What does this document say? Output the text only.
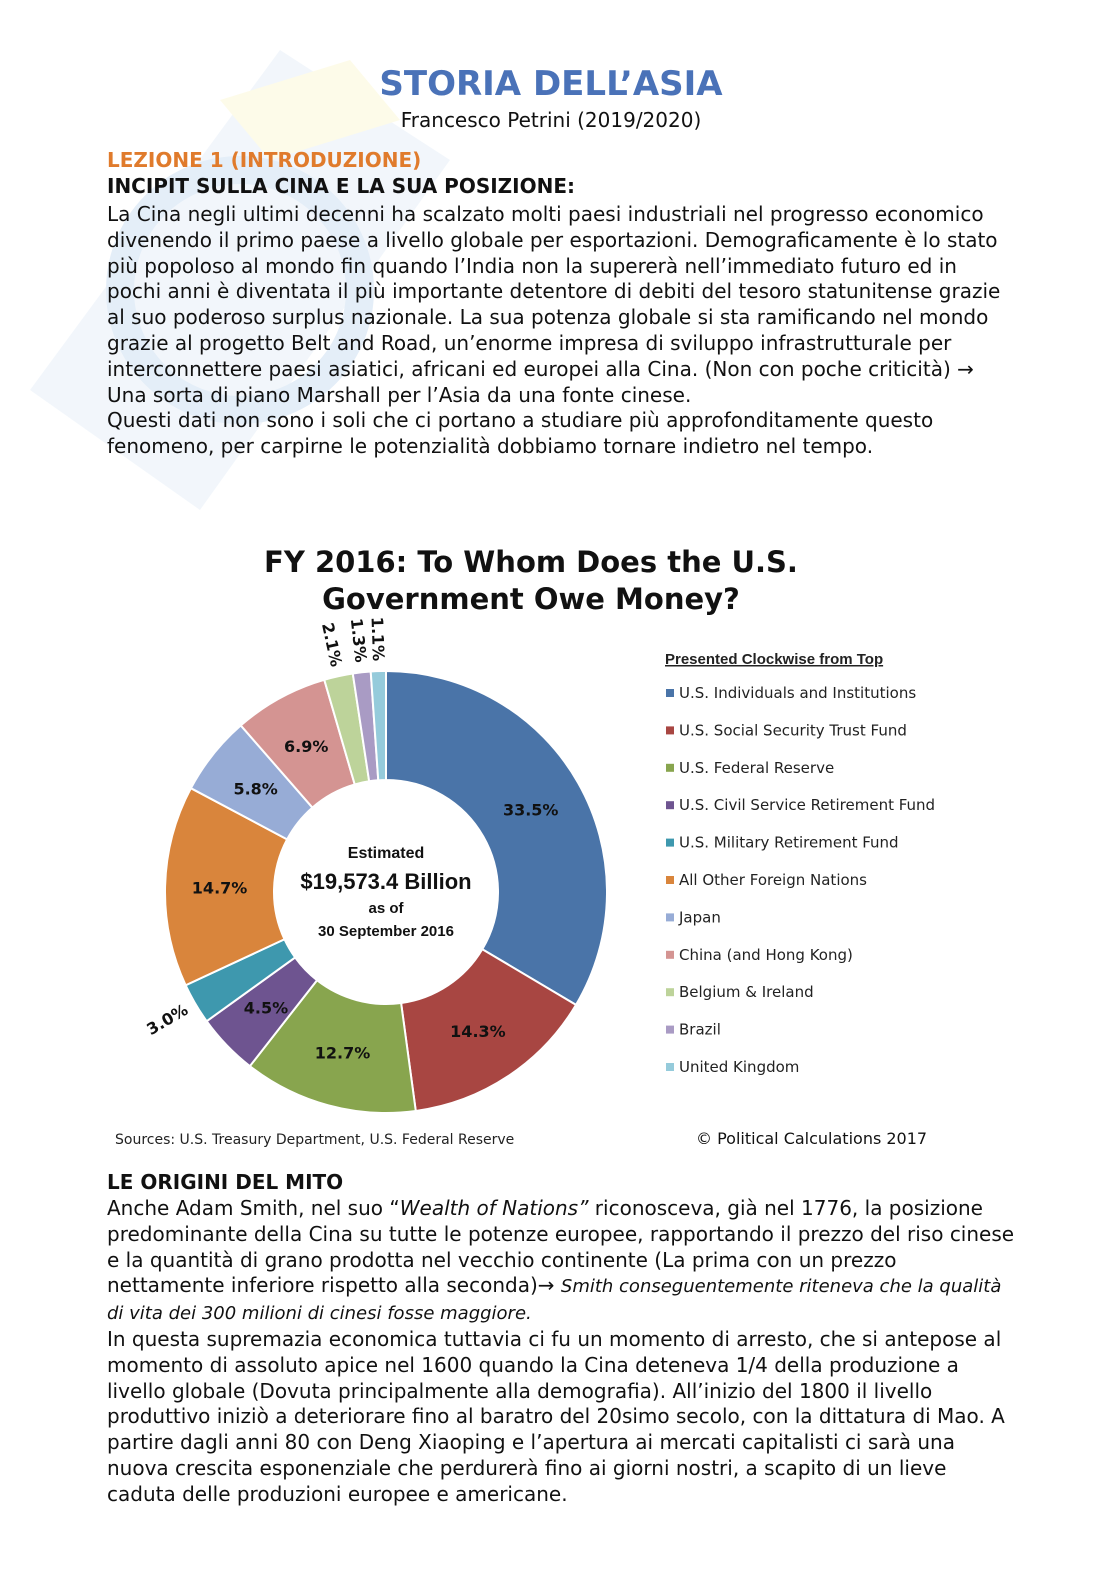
STORIA DELL’ASIA
Francesco Petrini (2019/2020)
LEZIONE 1 (INTRODUZIONE)
INCIPIT SULLA CINA E LA SUA POSIZIONE:
La Cina negli ultimi decenni ha scalzato molti paesi industriali nel progresso economico divenendo il primo paese a livello globale per esportazioni. Demograficamente è lo stato più popoloso al mondo fin quando l’India non la supererà nell’immediato futuro ed in pochi anni è diventata il più importante detentore di debiti del tesoro statunitense grazie al suo poderoso surplus nazionale. La sua potenza globale si sta ramificando nel mondo grazie al progetto Belt and Road, un’enorme impresa di sviluppo infrastrutturale per interconnettere paesi asiatici, africani ed europei alla Cina. (Non con poche criticità) → Una sorta di piano Marshall per l’Asia da una fonte cinese.
Questi dati non sono i soli che ci portano a studiare più approfonditamente questo fenomeno, per carpirne le potenzialità dobbiamo tornare indietro nel tempo.
FY 2016: To Whom Does the U.S.
Government Owe Money?
33.5%
14.3%
12.7%
4.5%
3.0%
14.7%
5.8%
6.9%
2.1% 1.3%
1.1%
Estimated
$19,573.4 Billion
as of
30 September 2016
Presented Clockwise from Top
U.S. Individuals and Institutions
U.S. Social Security Trust Fund
U.S. Federal Reserve
U.S. Civil Service Retirement Fund
U.S. Military Retirement Fund
All Other Foreign Nations
Japan
China (and Hong Kong)
Belgium & Ireland
Brazil
United Kingdom
Sources: U.S. Treasury Department, U.S. Federal Reserve	© Political Calculations 2017
LE ORIGINI DEL MITO
Anche Adam Smith, nel suo “Wealth of Nations” riconosceva, già nel 1776, la posizione predominante della Cina su tutte le potenze europee, rapportando il prezzo del riso cinese e la quantità di grano prodotta nel vecchio continente (La prima con un prezzo nettamente inferiore rispetto alla seconda)→ Smith conseguentemente riteneva che la qualità di vita dei 300 milioni di cinesi fosse maggiore.
In questa supremazia economica tuttavia ci fu un momento di arresto, che si antepose al momento di assoluto apice nel 1600 quando la Cina deteneva 1/4 della produzione a livello globale (Dovuta principalmente alla demografia). All’inizio del 1800 il livello produttivo iniziò a deteriorare fino al baratro del 20simo secolo, con la dittatura di Mao. A partire dagli anni 80 con Deng Xiaoping e l’apertura ai mercati capitalisti ci sarà una nuova crescita esponenziale che perdurerà fino ai giorni nostri, a scapito di un lieve caduta delle produzioni europee e americane.
